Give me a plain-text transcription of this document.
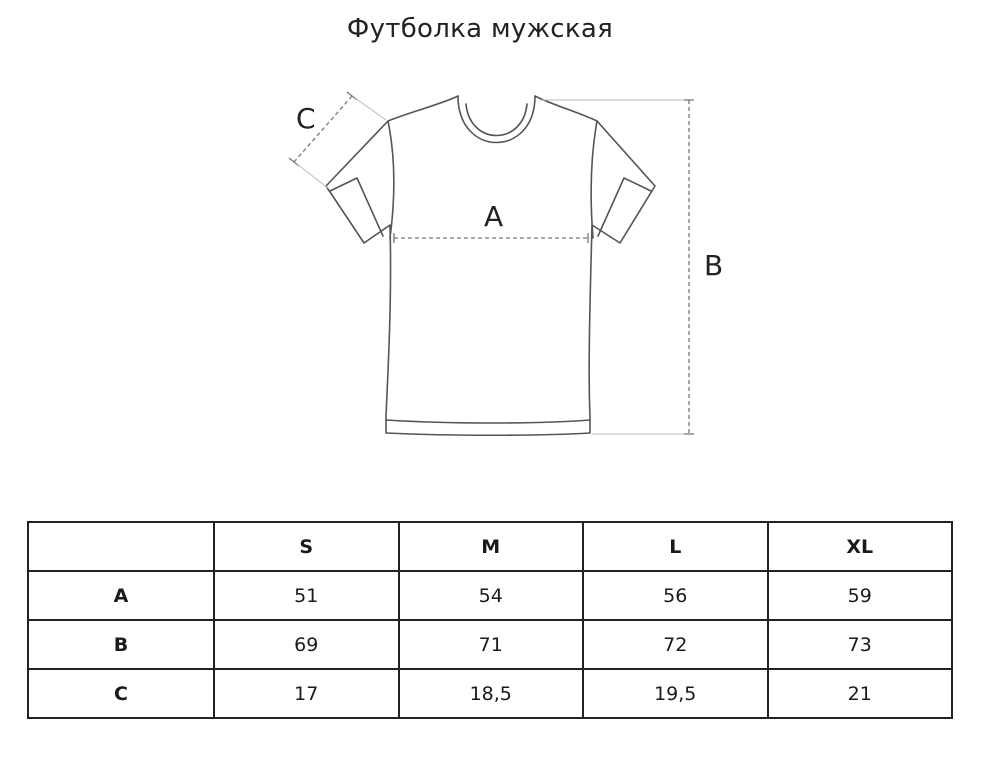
Футболка мужская
A
B
C
	S	M	L	XL
A	51	54	56	59
B	69	71	72	73
C	17	18,5	19,5	21
